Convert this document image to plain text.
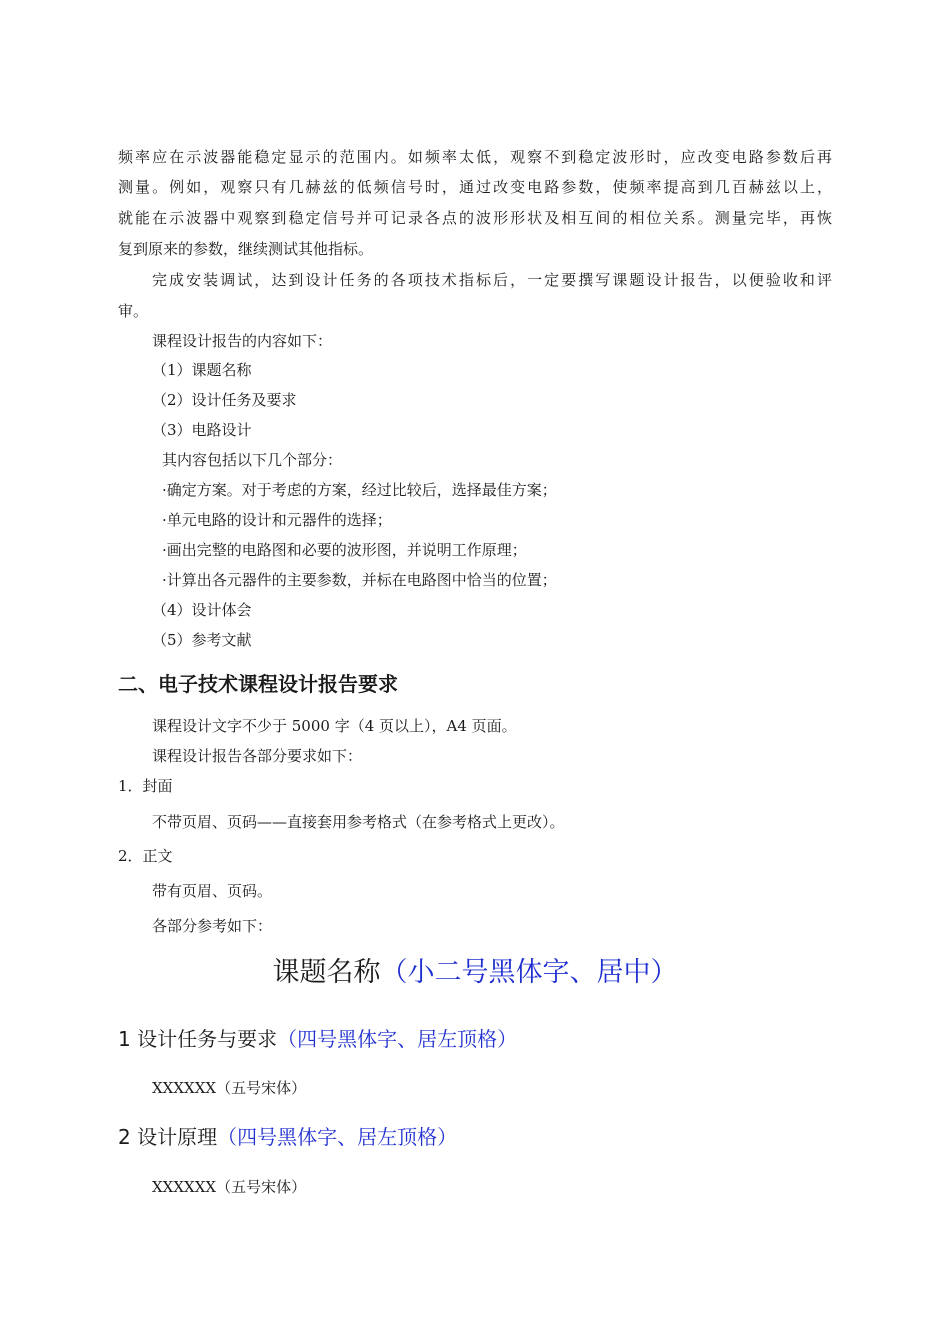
频率应在示波器能稳定显示的范围内。如频率太低，观察不到稳定波形时，应改变电路参数后再
测量。例如，观察只有几赫兹的低频信号时，通过改变电路参数，使频率提高到几百赫兹以上，
就能在示波器中观察到稳定信号并可记录各点的波形形状及相互间的相位关系。测量完毕，再恢
复到原来的参数，继续测试其他指标。
完成安装调试，达到设计任务的各项技术指标后，一定要撰写课题设计报告，以便验收和评
审。
课程设计报告的内容如下：
（1）课题名称
（2）设计任务及要求
（3）电路设计
其内容包括以下几个部分：
·确定方案。对于考虑的方案，经过比较后，选择最佳方案；
·单元电路的设计和元器件的选择；
·画出完整的电路图和必要的波形图，并说明工作原理；
·计算出各元器件的主要参数，并标在电路图中恰当的位置；
（4）设计体会
（5）参考文献
二、电子技术课程设计报告要求
课程设计文字不少于 5000 字（4 页以上），A4 页面。
课程设计报告各部分要求如下：
1．封面
不带页眉、页码——直接套用参考格式（在参考格式上更改）。
2．正文
带有页眉、页码。
各部分参考如下：
课题名称（小二号黑体字、居中）
1 设计任务与要求（四号黑体字、居左顶格）
XXXXXX（五号宋体）
2 设计原理（四号黑体字、居左顶格）
XXXXXX（五号宋体）
